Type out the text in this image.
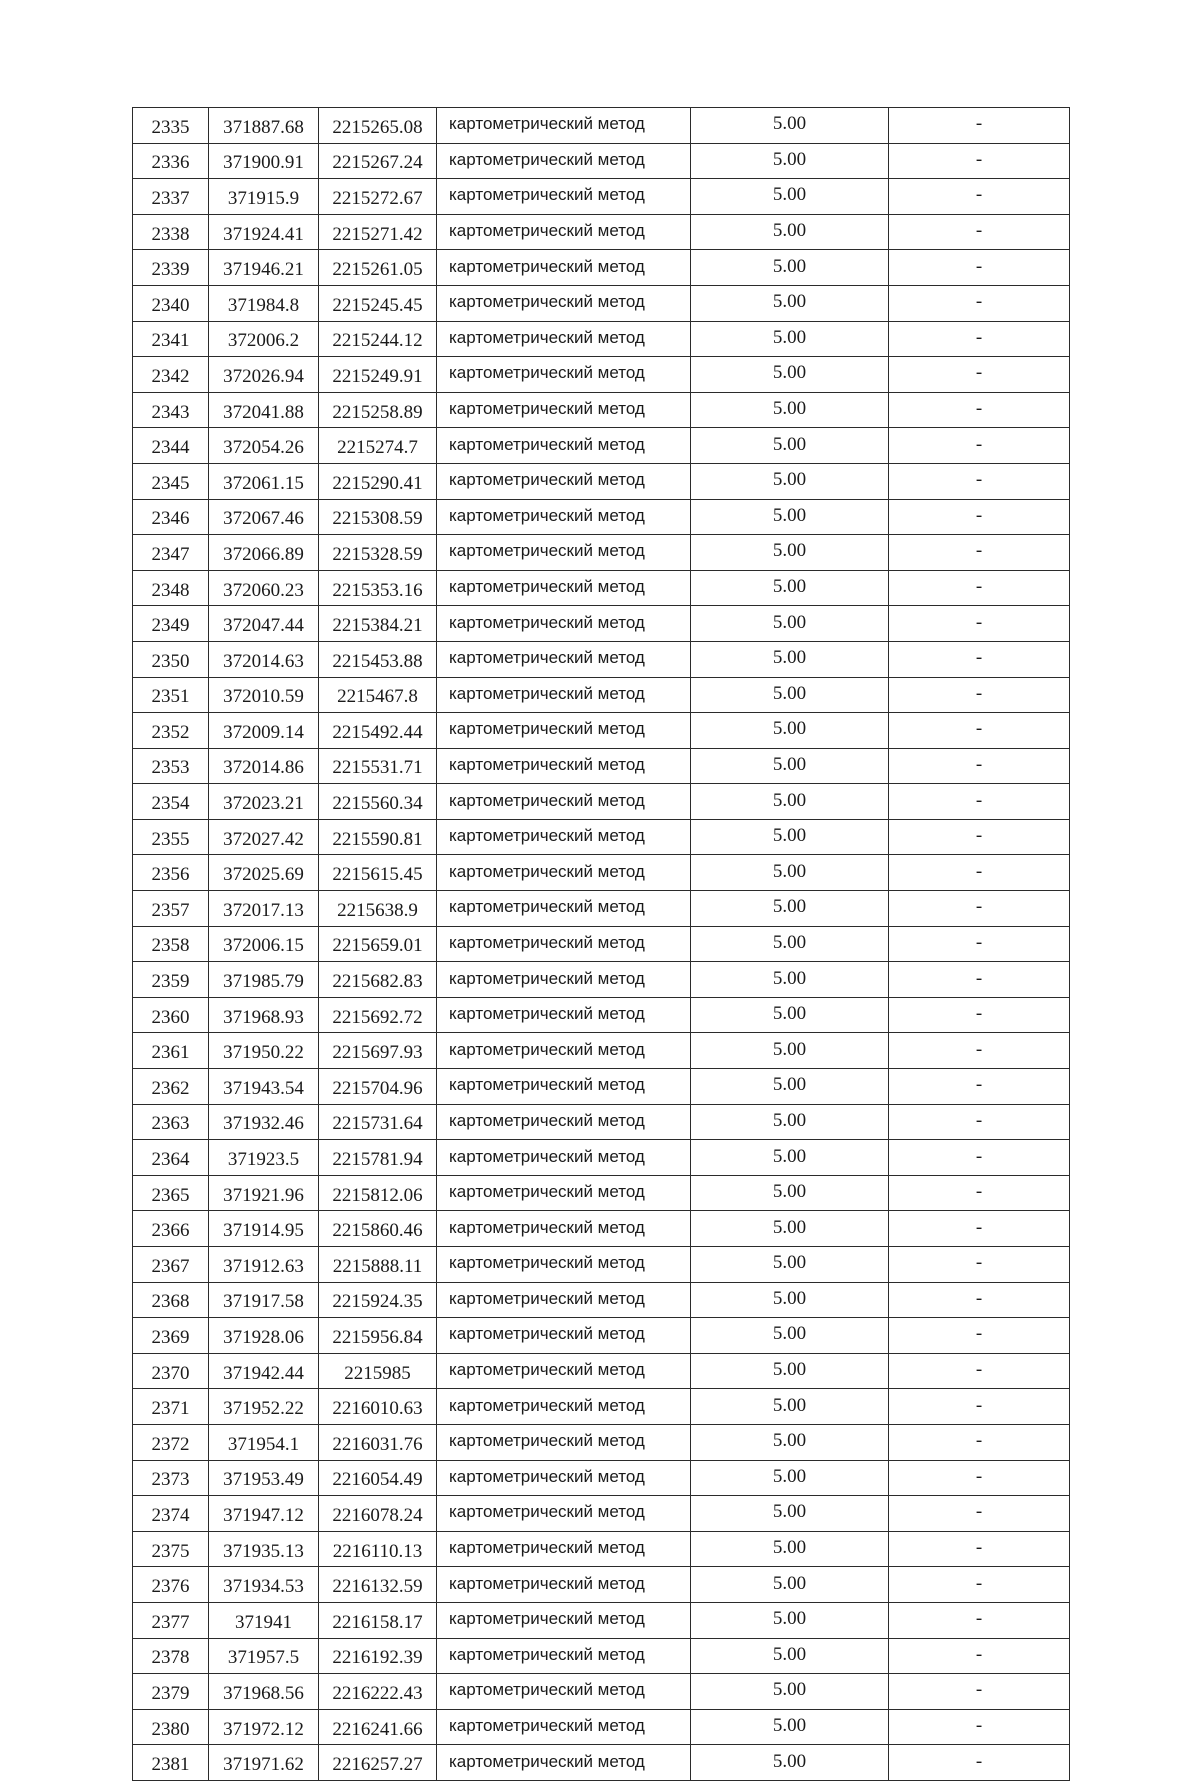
2335	371887.68	2215265.08	картометрический метод	5.00	-
2336	371900.91	2215267.24	картометрический метод	5.00	-
2337	371915.9	2215272.67	картометрический метод	5.00	-
2338	371924.41	2215271.42	картометрический метод	5.00	-
2339	371946.21	2215261.05	картометрический метод	5.00	-
2340	371984.8	2215245.45	картометрический метод	5.00	-
2341	372006.2	2215244.12	картометрический метод	5.00	-
2342	372026.94	2215249.91	картометрический метод	5.00	-
2343	372041.88	2215258.89	картометрический метод	5.00	-
2344	372054.26	2215274.7	картометрический метод	5.00	-
2345	372061.15	2215290.41	картометрический метод	5.00	-
2346	372067.46	2215308.59	картометрический метод	5.00	-
2347	372066.89	2215328.59	картометрический метод	5.00	-
2348	372060.23	2215353.16	картометрический метод	5.00	-
2349	372047.44	2215384.21	картометрический метод	5.00	-
2350	372014.63	2215453.88	картометрический метод	5.00	-
2351	372010.59	2215467.8	картометрический метод	5.00	-
2352	372009.14	2215492.44	картометрический метод	5.00	-
2353	372014.86	2215531.71	картометрический метод	5.00	-
2354	372023.21	2215560.34	картометрический метод	5.00	-
2355	372027.42	2215590.81	картометрический метод	5.00	-
2356	372025.69	2215615.45	картометрический метод	5.00	-
2357	372017.13	2215638.9	картометрический метод	5.00	-
2358	372006.15	2215659.01	картометрический метод	5.00	-
2359	371985.79	2215682.83	картометрический метод	5.00	-
2360	371968.93	2215692.72	картометрический метод	5.00	-
2361	371950.22	2215697.93	картометрический метод	5.00	-
2362	371943.54	2215704.96	картометрический метод	5.00	-
2363	371932.46	2215731.64	картометрический метод	5.00	-
2364	371923.5	2215781.94	картометрический метод	5.00	-
2365	371921.96	2215812.06	картометрический метод	5.00	-
2366	371914.95	2215860.46	картометрический метод	5.00	-
2367	371912.63	2215888.11	картометрический метод	5.00	-
2368	371917.58	2215924.35	картометрический метод	5.00	-
2369	371928.06	2215956.84	картометрический метод	5.00	-
2370	371942.44	2215985	картометрический метод	5.00	-
2371	371952.22	2216010.63	картометрический метод	5.00	-
2372	371954.1	2216031.76	картометрический метод	5.00	-
2373	371953.49	2216054.49	картометрический метод	5.00	-
2374	371947.12	2216078.24	картометрический метод	5.00	-
2375	371935.13	2216110.13	картометрический метод	5.00	-
2376	371934.53	2216132.59	картометрический метод	5.00	-
2377	371941	2216158.17	картометрический метод	5.00	-
2378	371957.5	2216192.39	картометрический метод	5.00	-
2379	371968.56	2216222.43	картометрический метод	5.00	-
2380	371972.12	2216241.66	картометрический метод	5.00	-
2381	371971.62	2216257.27	картометрический метод	5.00	-
